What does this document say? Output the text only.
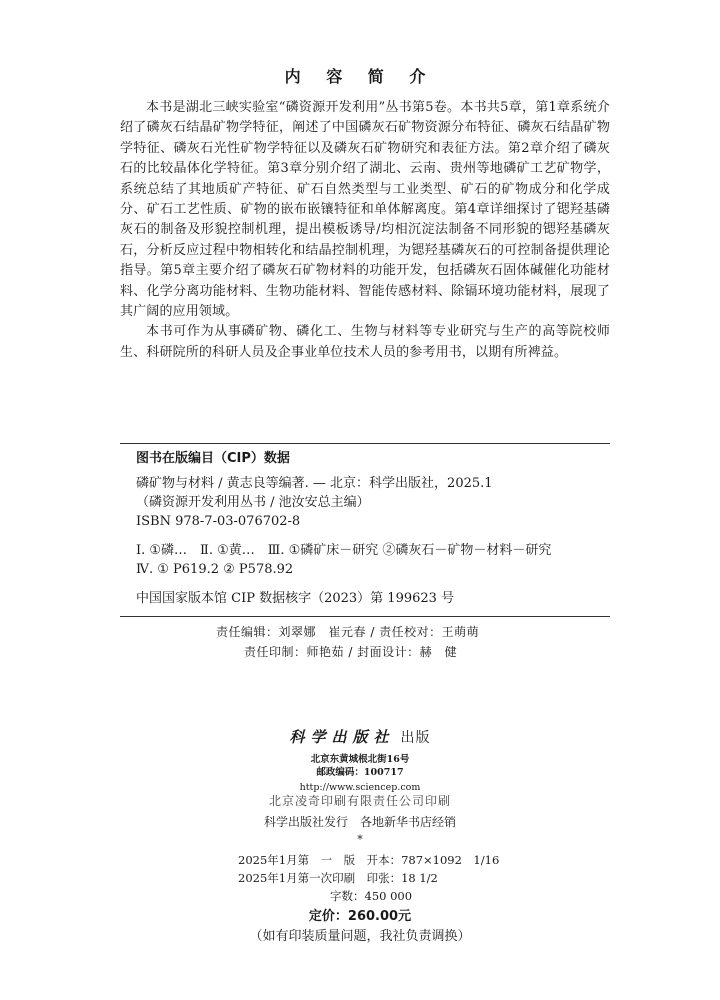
内 容 简 介

本书是湖北三峡实验室“磷资源开发利用”丛书第5卷。本书共5章，第1章系统介绍了磷灰石结晶矿物学特征，阐述了中国磷灰石矿物资源分布特征、磷灰石结晶矿物学特征、磷灰石光性矿物学特征以及磷灰石矿物研究和表征方法。第2章介绍了磷灰石的比较晶体化学特征。第3章分别介绍了湖北、云南、贵州等地磷矿工艺矿物学，系统总结了其地质矿产特征、矿石自然类型与工业类型、矿石的矿物成分和化学成分、矿石工艺性质、矿物的嵌布嵌镶特征和单体解离度。第4章详细探讨了锶羟基磷灰石的制备及形貌控制机理，提出模板诱导/均相沉淀法制备不同形貌的锶羟基磷灰石，分析反应过程中物相转化和结晶控制机理，为锶羟基磷灰石的可控制备提供理论指导。第5章主要介绍了磷灰石矿物材料的功能开发，包括磷灰石固体碱催化功能材料、化学分离功能材料、生物功能材料、智能传感材料、除镉环境功能材料，展现了其广阔的应用领域。

本书可作为从事磷矿物、磷化工、生物与材料等专业研究与生产的高等院校师生、科研院所的科研人员及企事业单位技术人员的参考用书，以期有所裨益。

图书在版编目（CIP）数据
磷矿物与材料 / 黄志良等编著. — 北京：科学出版社，2025.1
（磷资源开发利用丛书 / 池汝安总主编）
ISBN 978-7-03-076702-8
Ⅰ. ①磷…　Ⅱ. ①黄…　Ⅲ. ①磷矿床－研究 ②磷灰石－矿物－材料－研究
Ⅳ. ① P619.2 ② P578.92
中国国家版本馆 CIP 数据核字（2023）第 199623 号
责任编辑：刘翠娜　崔元春 / 责任校对：王萌萌
责任印制：师艳茹 / 封面设计：赫　健
科学出版社 出版
北京东黄城根北街16号
邮政编码：100717
http://www.sciencep.com
北京凌奇印刷有限责任公司印刷
科学出版社发行　各地新华书店经销
*
2025年1月第　一　版　开本：787×1092　1/16
2025年1月第一次印刷　印张：18 1/2
字数：450 000
定价：260.00元
（如有印装质量问题，我社负责调换）
